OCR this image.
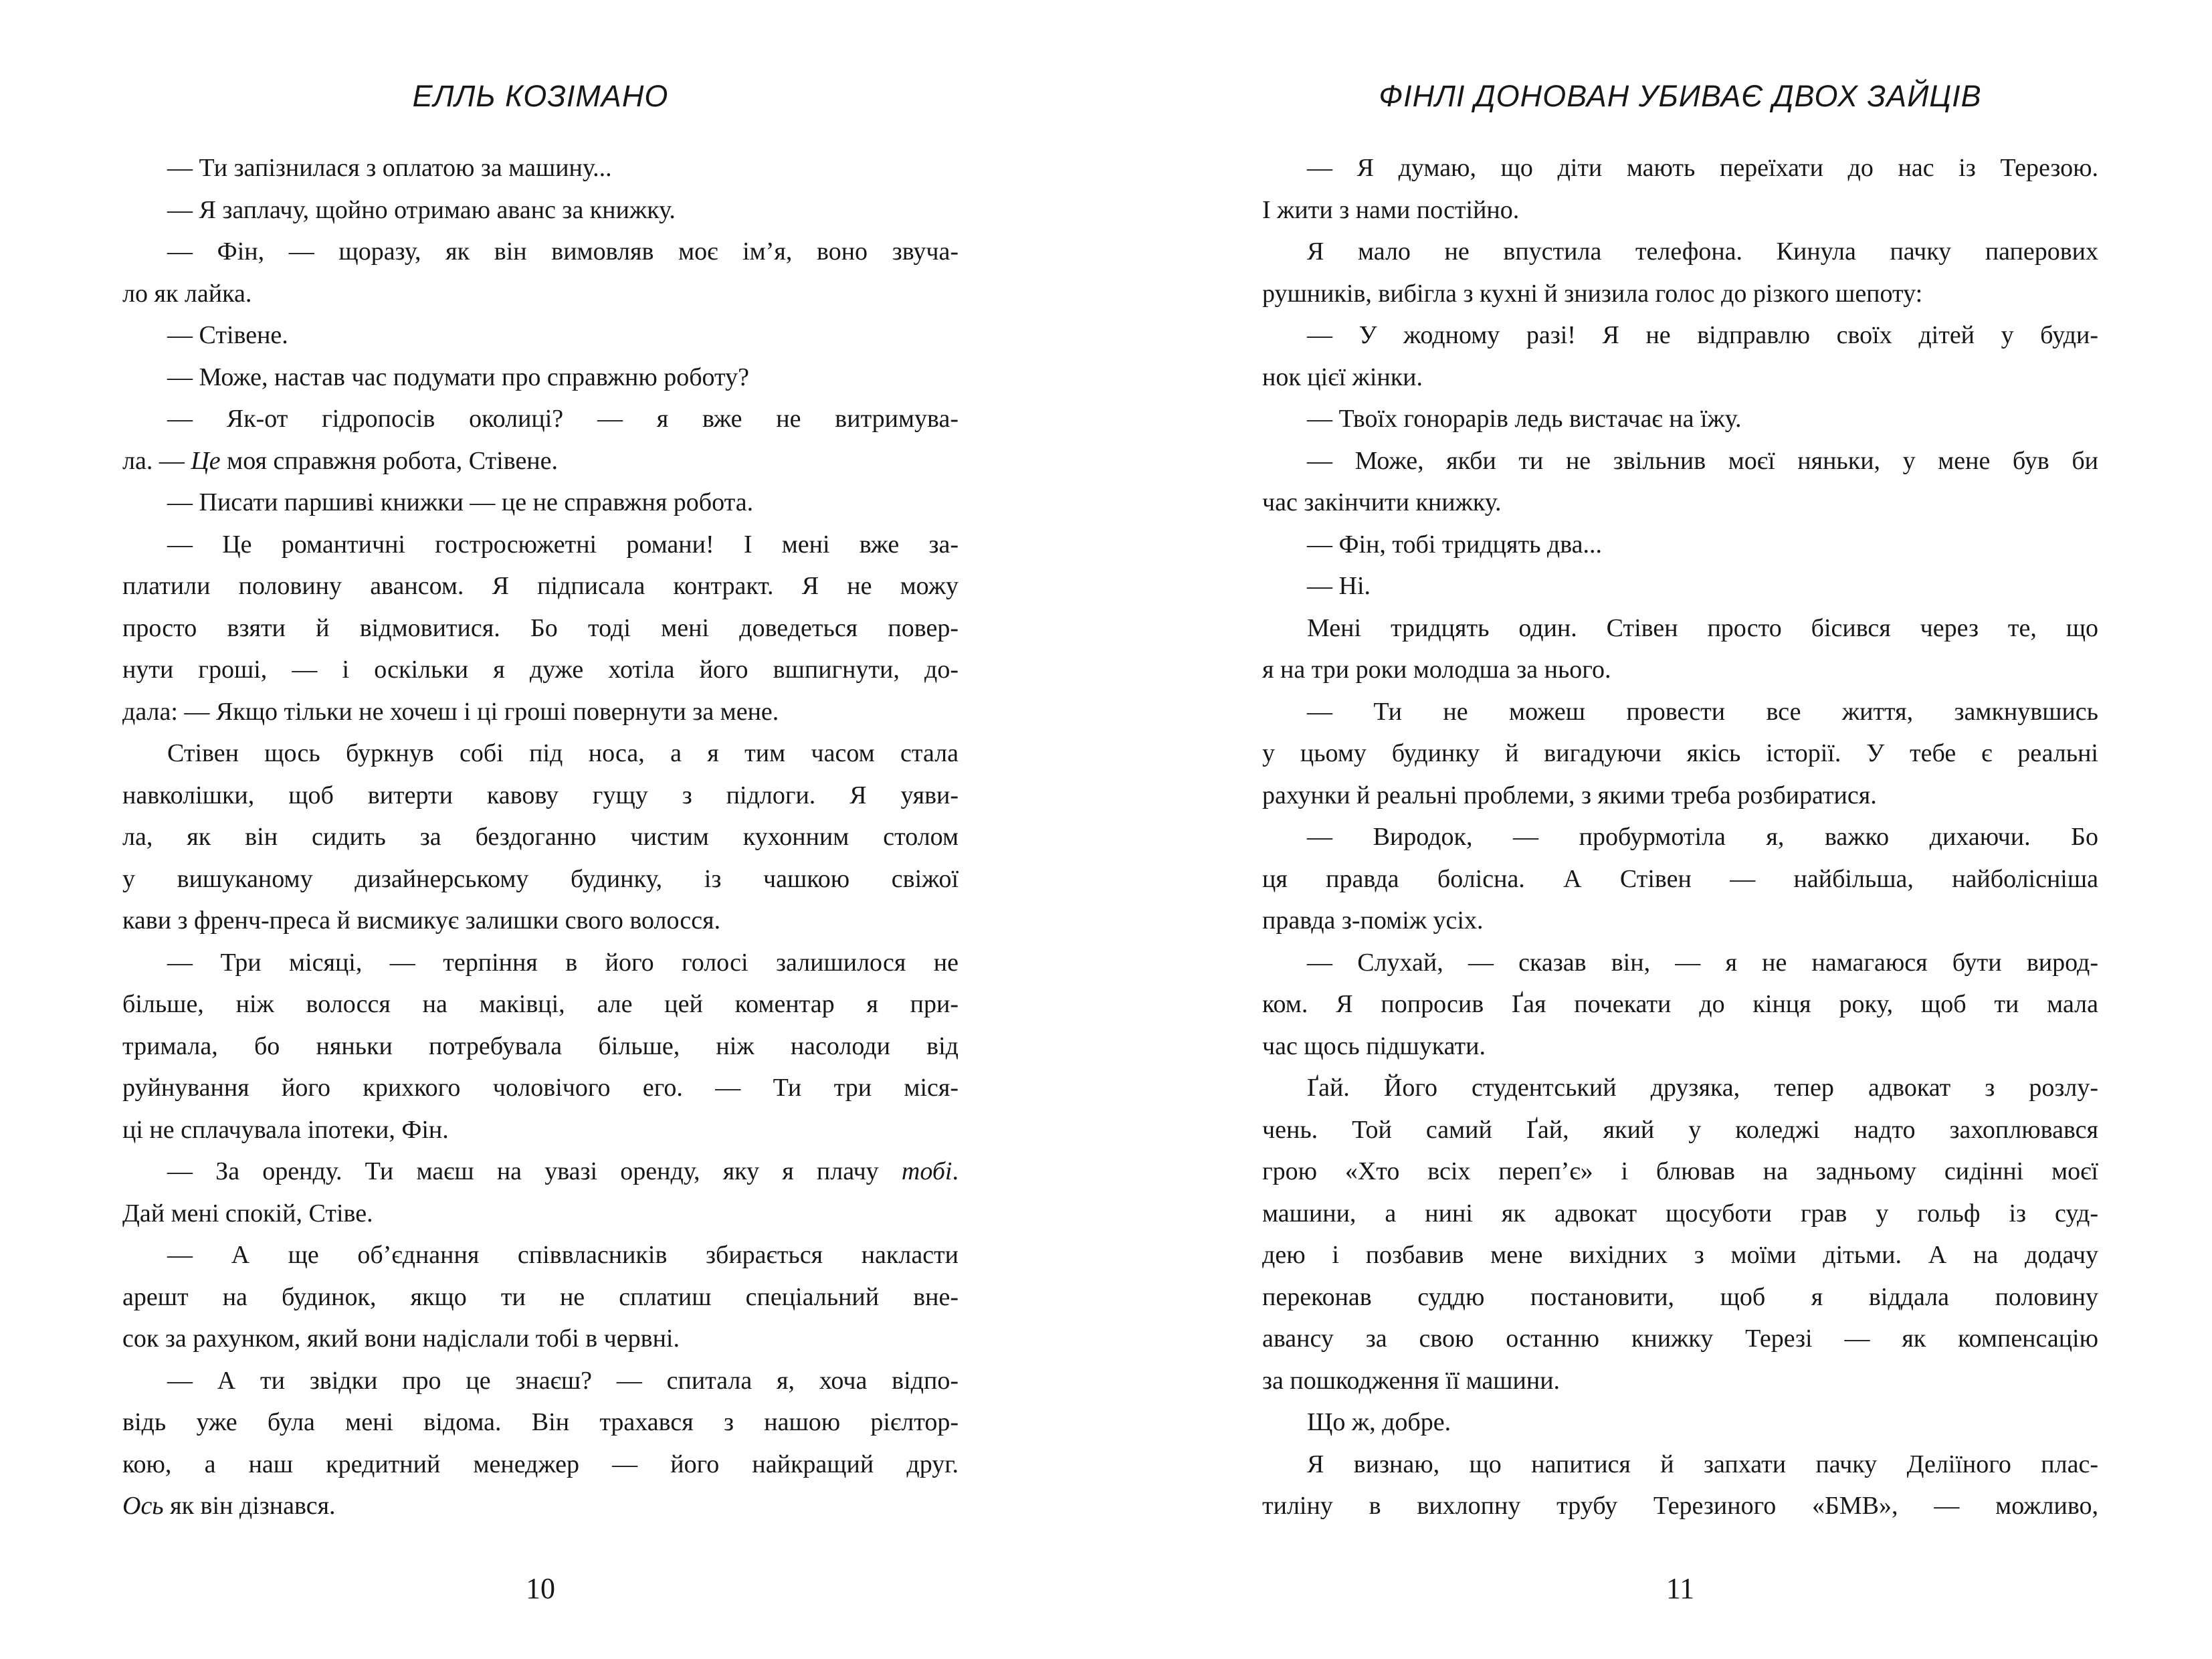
ЕЛЛЬ КОЗІМАНО
— Ти запізнилася з оплатою за машину...
— Я заплачу, щойно отримаю аванс за книжку.
— Фін, — щоразу, як він вимовляв моє ім’я, воно звуча-
ло як лайка.
— Стівене.
— Може, настав час подумати про справжню роботу?
— Як-от гідропосів околиці? — я вже не витримува-
ла. — Це моя справжня робота, Стівене.
— Писати паршиві книжки — це не справжня робота.
— Це романтичні гостросюжетні романи! І мені вже за-
платили половину авансом. Я підписала контракт. Я не можу
просто взяти й відмовитися. Бо тоді мені доведеться повер-
нути гроші, — і оскільки я дуже хотіла його вшпигнути, до-
дала: — Якщо тільки не хочеш і ці гроші повернути за мене.
Стівен щось буркнув собі під носа, а я тим часом стала
навколішки, щоб витерти кавову гущу з підлоги. Я уяви-
ла, як він сидить за бездоганно чистим кухонним столом
у вишуканому дизайнерському будинку, із чашкою свіжої
кави з френч-преса й висмикує залишки свого волосся.
— Три місяці, — терпіння в його голосі залишилося не
більше, ніж волосся на маківці, але цей коментар я при-
тримала, бо няньки потребувала більше, ніж насолоди від
руйнування його крихкого чоловічого его. — Ти три міся-
ці не сплачувала іпотеки, Фін.
— За оренду. Ти маєш на увазі оренду, яку я плачу тобі.
Дай мені спокій, Стіве.
— А ще об’єднання співвласників збирається накласти
арешт на будинок, якщо ти не сплатиш спеціальний вне-
сок за рахунком, який вони надіслали тобі в червні.
— А ти звідки про це знаєш? — спитала я, хоча відпо-
відь уже була мені відома. Він трахався з нашою рієлтор-
кою, а наш кредитний менеджер — його найкращий друг.
Ось як він дізнався.
10
ФІНЛІ ДОНОВАН УБИВАЄ ДВОХ ЗАЙЦІВ
— Я думаю, що діти мають переїхати до нас із Терезою.
І жити з нами постійно.
Я мало не впустила телефона. Кинула пачку паперових
рушників, вибігла з кухні й знизила голос до різкого шепоту:
— У жодному разі! Я не відправлю своїх дітей у буди-
нок цієї жінки.
— Твоїх гонорарів ледь вистачає на їжу.
— Може, якби ти не звільнив моєї няньки, у мене був би
час закінчити книжку.
— Фін, тобі тридцять два...
— Ні.
Мені тридцять один. Стівен просто бісився через те, що
я на три роки молодша за нього.
— Ти не можеш провести все життя, замкнувшись
у цьому будинку й вигадуючи якісь історії. У тебе є реальні
рахунки й реальні проблеми, з якими треба розбиратися.
— Виродок, — пробурмотіла я, важко дихаючи. Бо
ця правда болісна. А Стівен — найбільша, найболісніша
правда з-поміж усіх.
— Слухай, — сказав він, — я не намагаюся бути вирод-
ком. Я попросив Ґая почекати до кінця року, щоб ти мала
час щось підшукати.
Ґай. Його студентський друзяка, тепер адвокат з розлу-
чень. Той самий Ґай, який у коледжі надто захоплювався
грою «Хто всіх переп’є» і блював на задньому сидінні моєї
машини, а нині як адвокат щосуботи грав у гольф із суд-
дею і позбавив мене вихідних з моїми дітьми. А на додачу
переконав суддю постановити, щоб я віддала половину
авансу за свою останню книжку Терезі — як компенсацію
за пошкодження її машини.
Що ж, добре.
Я визнаю, що напитися й запхати пачку Деліїного плас-
тиліну в вихлопну трубу Терезиного «БМВ», — можливо,
11
